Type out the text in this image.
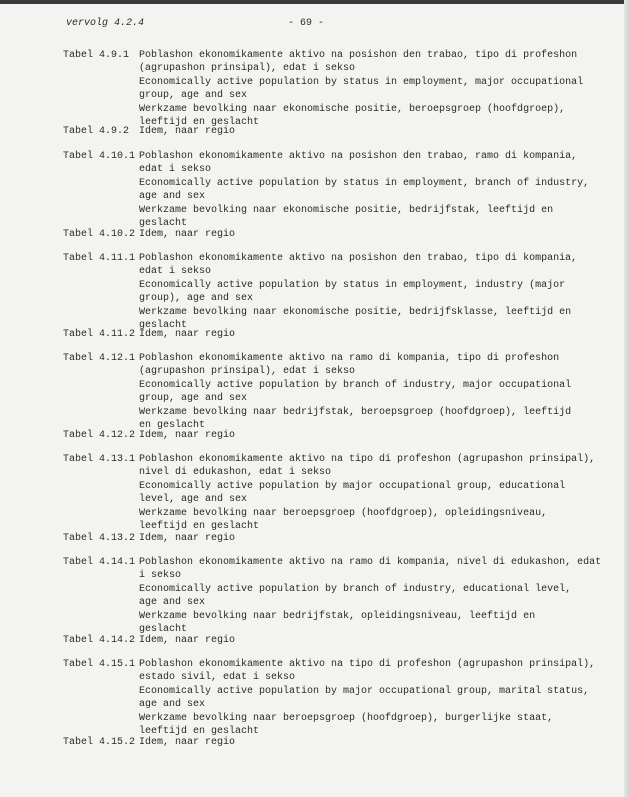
vervolg 4.2.4	- 69 -
Tabel 4.9.1 Poblashon ekonomikamente aktivo na posishon den trabao, tipo di profeshon
(agrupashon prinsipal), edat i sekso
Economically active population by status in employment, major occupational
group, age and sex
Werkzame bevolking naar ekonomische positie, beroepsgroep (hoofdgroep),
leeftijd en geslacht
Tabel 4.9.2 Idem, naar regio
Tabel 4.10.1 Poblashon ekonomikamente aktivo na posishon den trabao, ramo di kompania,
edat i sekso
Economically active population by status in employment, branch of industry,
age and sex
Werkzame bevolking naar ekonomische positie, bedrijfstak, leeftijd en
geslacht
Tabel 4.10.2 Idem, naar regio
Tabel 4.11.1 Poblashon ekonomikamente aktivo na posishon den trabao, tipo di kompania,
edat i sekso
Economically active population by status in employment, industry (major
group), age and sex
Werkzame bevolking naar ekonomische positie, bedrijfsklasse, leeftijd en
geslacht
Tabel 4.11.2 Idem, naar regio
Tabel 4.12.1 Poblashon ekonomikamente aktivo na ramo di kompania, tipo di profeshon
(agrupashon prinsipal), edat i sekso
Economically active population by branch of industry, major occupational
group, age and sex
Werkzame bevolking naar bedrijfstak, beroepsgroep (hoofdgroep), leeftijd
en geslacht
Tabel 4.12.2 Idem, naar regio
Tabel 4.13.1 Poblashon ekonomikamente aktivo na tipo di profeshon (agrupashon prinsipal),
nivel di edukashon, edat i sekso
Economically active population by major occupational group, educational
level, age and sex
Werkzame bevolking naar beroepsgroep (hoofdgroep), opleidingsniveau,
leeftijd en geslacht
Tabel 4.13.2 Idem, naar regio
Tabel 4.14.1 Poblashon ekonomikamente aktivo na ramo di kompania, nivel di edukashon, edat
i sekso
Economically active population by branch of industry, educational level,
age and sex
Werkzame bevolking naar bedrijfstak, opleidingsniveau, leeftijd en
geslacht
Tabel 4.14.2 Idem, naar regio
Tabel 4.15.1 Poblashon ekonomikamente aktivo na tipo di profeshon (agrupashon prinsipal),
estado sivil, edat i sekso
Economically active population by major occupational group, marital status,
age and sex
Werkzame bevolking naar beroepsgroep (hoofdgroep), burgerlijke staat,
leeftijd en geslacht
Tabel 4.15.2 Idem, naar regio
